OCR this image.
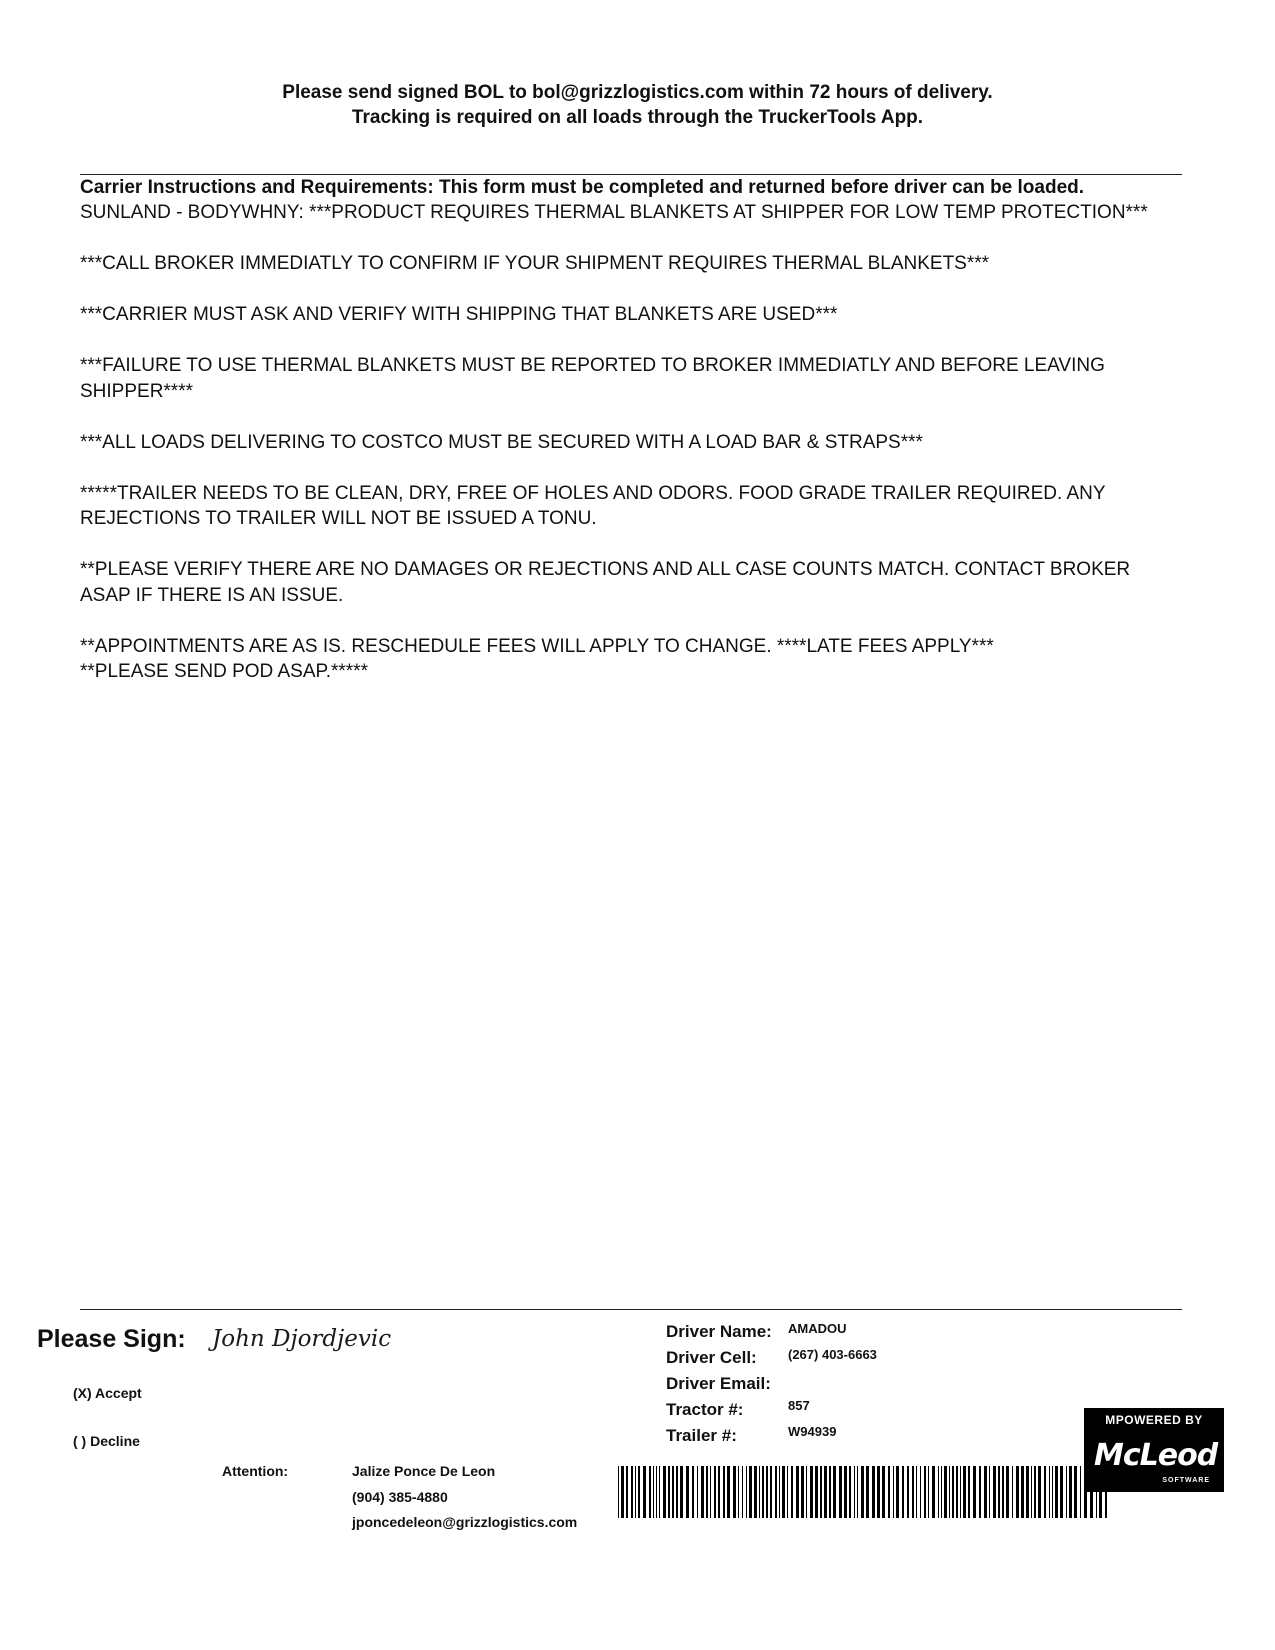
Please send signed BOL to bol@grizzlogistics.com within 72 hours of delivery.
Tracking is required on all loads through the TruckerTools App.
Carrier Instructions and Requirements: This form must be completed and returned before driver can be loaded.

SUNLAND - BODYWHNY: ***PRODUCT REQUIRES THERMAL BLANKETS AT SHIPPER FOR LOW TEMP PROTECTION***

***CALL BROKER IMMEDIATLY TO CONFIRM IF YOUR SHIPMENT REQUIRES THERMAL BLANKETS***

***CARRIER MUST ASK AND VERIFY WITH SHIPPING THAT BLANKETS ARE USED***

***FAILURE TO USE THERMAL BLANKETS MUST BE REPORTED TO BROKER IMMEDIATLY AND BEFORE LEAVING SHIPPER****

***ALL LOADS DELIVERING TO COSTCO MUST BE SECURED WITH A LOAD BAR & STRAPS***

*****TRAILER NEEDS TO BE CLEAN, DRY, FREE OF HOLES AND ODORS. FOOD GRADE TRAILER REQUIRED. ANY REJECTIONS TO TRAILER WILL NOT BE ISSUED A TONU.

**PLEASE VERIFY THERE ARE NO DAMAGES OR REJECTIONS AND ALL CASE COUNTS MATCH. CONTACT BROKER ASAP IF THERE IS AN ISSUE.

**APPOINTMENTS ARE AS IS. RESCHEDULE FEES WILL APPLY TO CHANGE. ****LATE FEES APPLY***
**PLEASE SEND POD ASAP.*****
Please Sign: John Djordjevic
(X) Accept
( ) Decline
Attention:	Jalize Ponce De Leon
(904) 385-4880
jponcedeleon@grizzlogistics.com
Driver Name: AMADOU
Driver Cell: (267) 403-6663
Driver Email:
Tractor #:	857
Trailer #:	W94939
MPOWERED BY
McLeod
SOFTWARE
